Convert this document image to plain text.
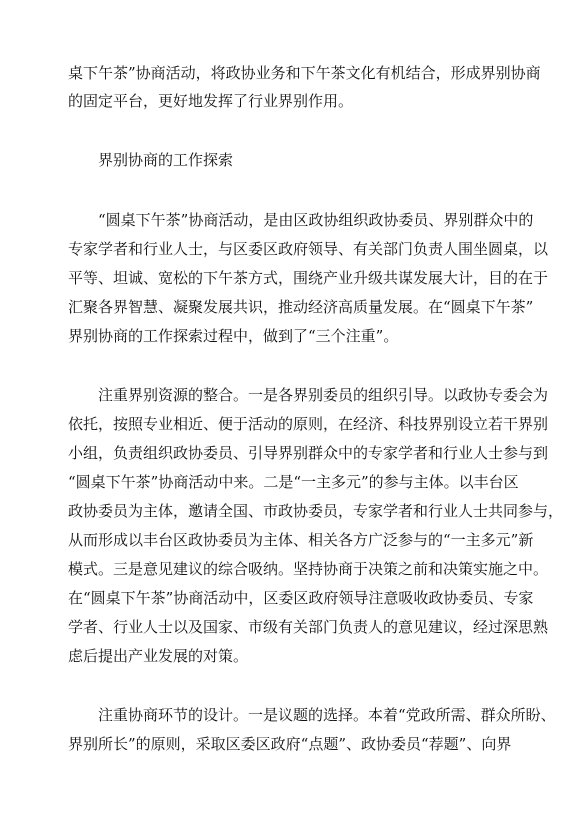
桌下午茶”协商活动，将政协业务和下午茶文化有机结合，形成界别协商

的固定平台，更好地发挥了行业界别作用。

界别协商的工作探索

“圆桌下午茶”协商活动，是由区政协组织政协委员、界别群众中的

专家学者和行业人士，与区委区政府领导、有关部门负责人围坐圆桌，以

平等、坦诚、宽松的下午茶方式，围绕产业升级共谋发展大计，目的在于

汇聚各界智慧、凝聚发展共识，推动经济高质量发展。在“圆桌下午茶”

界别协商的工作探索过程中，做到了“三个注重”。

注重界别资源的整合。一是各界别委员的组织引导。以政协专委会为

依托，按照专业相近、便于活动的原则，在经济、科技界别设立若干界别

小组，负责组织政协委员、引导界别群众中的专家学者和行业人士参与到

“圆桌下午茶”协商活动中来。二是“一主多元”的参与主体。以丰台区

政协委员为主体，邀请全国、市政协委员，专家学者和行业人士共同参与，

从而形成以丰台区政协委员为主体、相关各方广泛参与的“一主多元”新

模式。三是意见建议的综合吸纳。坚持协商于决策之前和决策实施之中。

在“圆桌下午茶”协商活动中，区委区政府领导注意吸收政协委员、专家

学者、行业人士以及国家、市级有关部门负责人的意见建议，经过深思熟

虑后提出产业发展的对策。

注重协商环节的设计。一是议题的选择。本着“党政所需、群众所盼、

界别所长”的原则，采取区委区政府“点题”、政协委员“荐题”、向界
